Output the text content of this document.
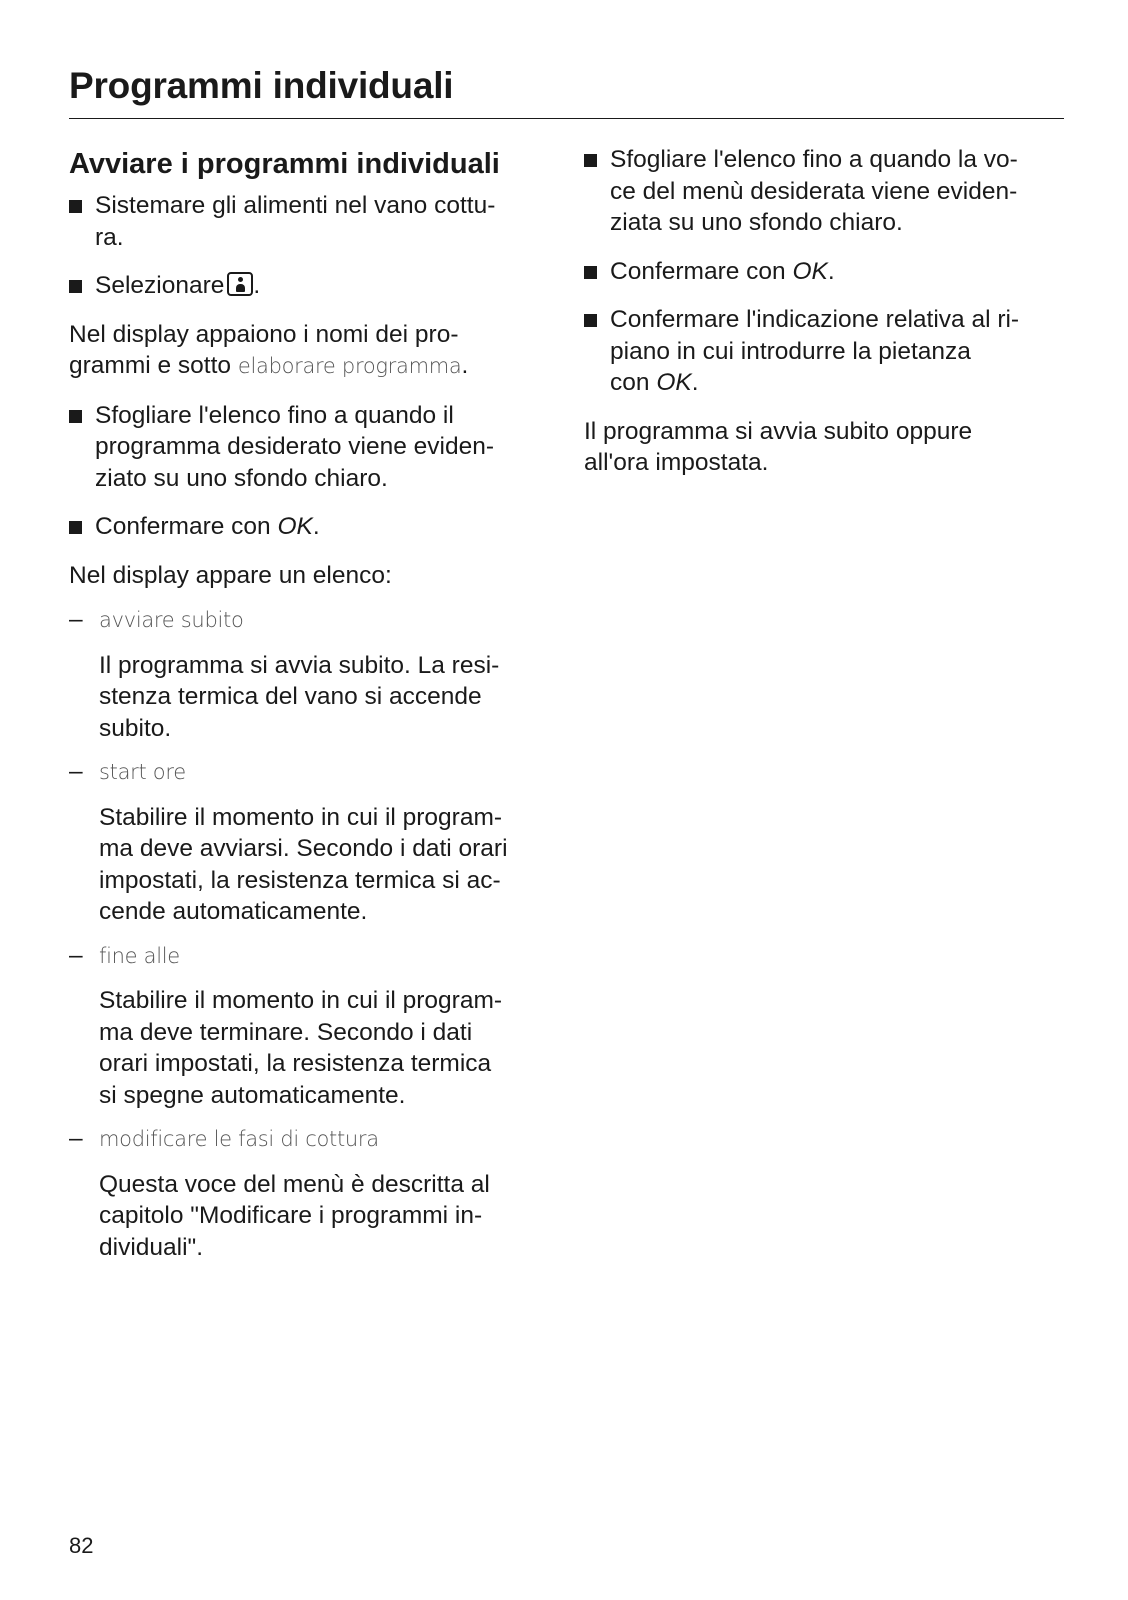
Programmi individuali
Avviare i programmi individuali
Sistemare gli alimenti nel vano cottu-
ra.
Selezionare .

Nel display appaiono i nomi dei pro-
grammi e sotto elaborare programma.

Sfogliare l'elenco fino a quando il
programma desiderato viene eviden-
ziato su uno sfondo chiaro.
Confermare con OK.

Nel display appare un elenco:

– avviare subito
Il programma si avvia subito. La resi-
stenza termica del vano si accende
subito.
– start ore
Stabilire il momento in cui il program-
ma deve avviarsi. Secondo i dati orari
impostati, la resistenza termica si ac-
cende automaticamente.
– fine alle
Stabilire il momento in cui il program-
ma deve terminare. Secondo i dati
orari impostati, la resistenza termica
si spegne automaticamente.
– modificare le fasi di cottura
Questa voce del menù è descritta al
capitolo "Modificare i programmi in-
dividuali".
Sfogliare l'elenco fino a quando la vo-
ce del menù desiderata viene eviden-
ziata su uno sfondo chiaro.
Confermare con OK.
Confermare l'indicazione relativa al ri-
piano in cui introdurre la pietanza
con OK.

Il programma si avvia subito oppure
all'ora impostata.

82
